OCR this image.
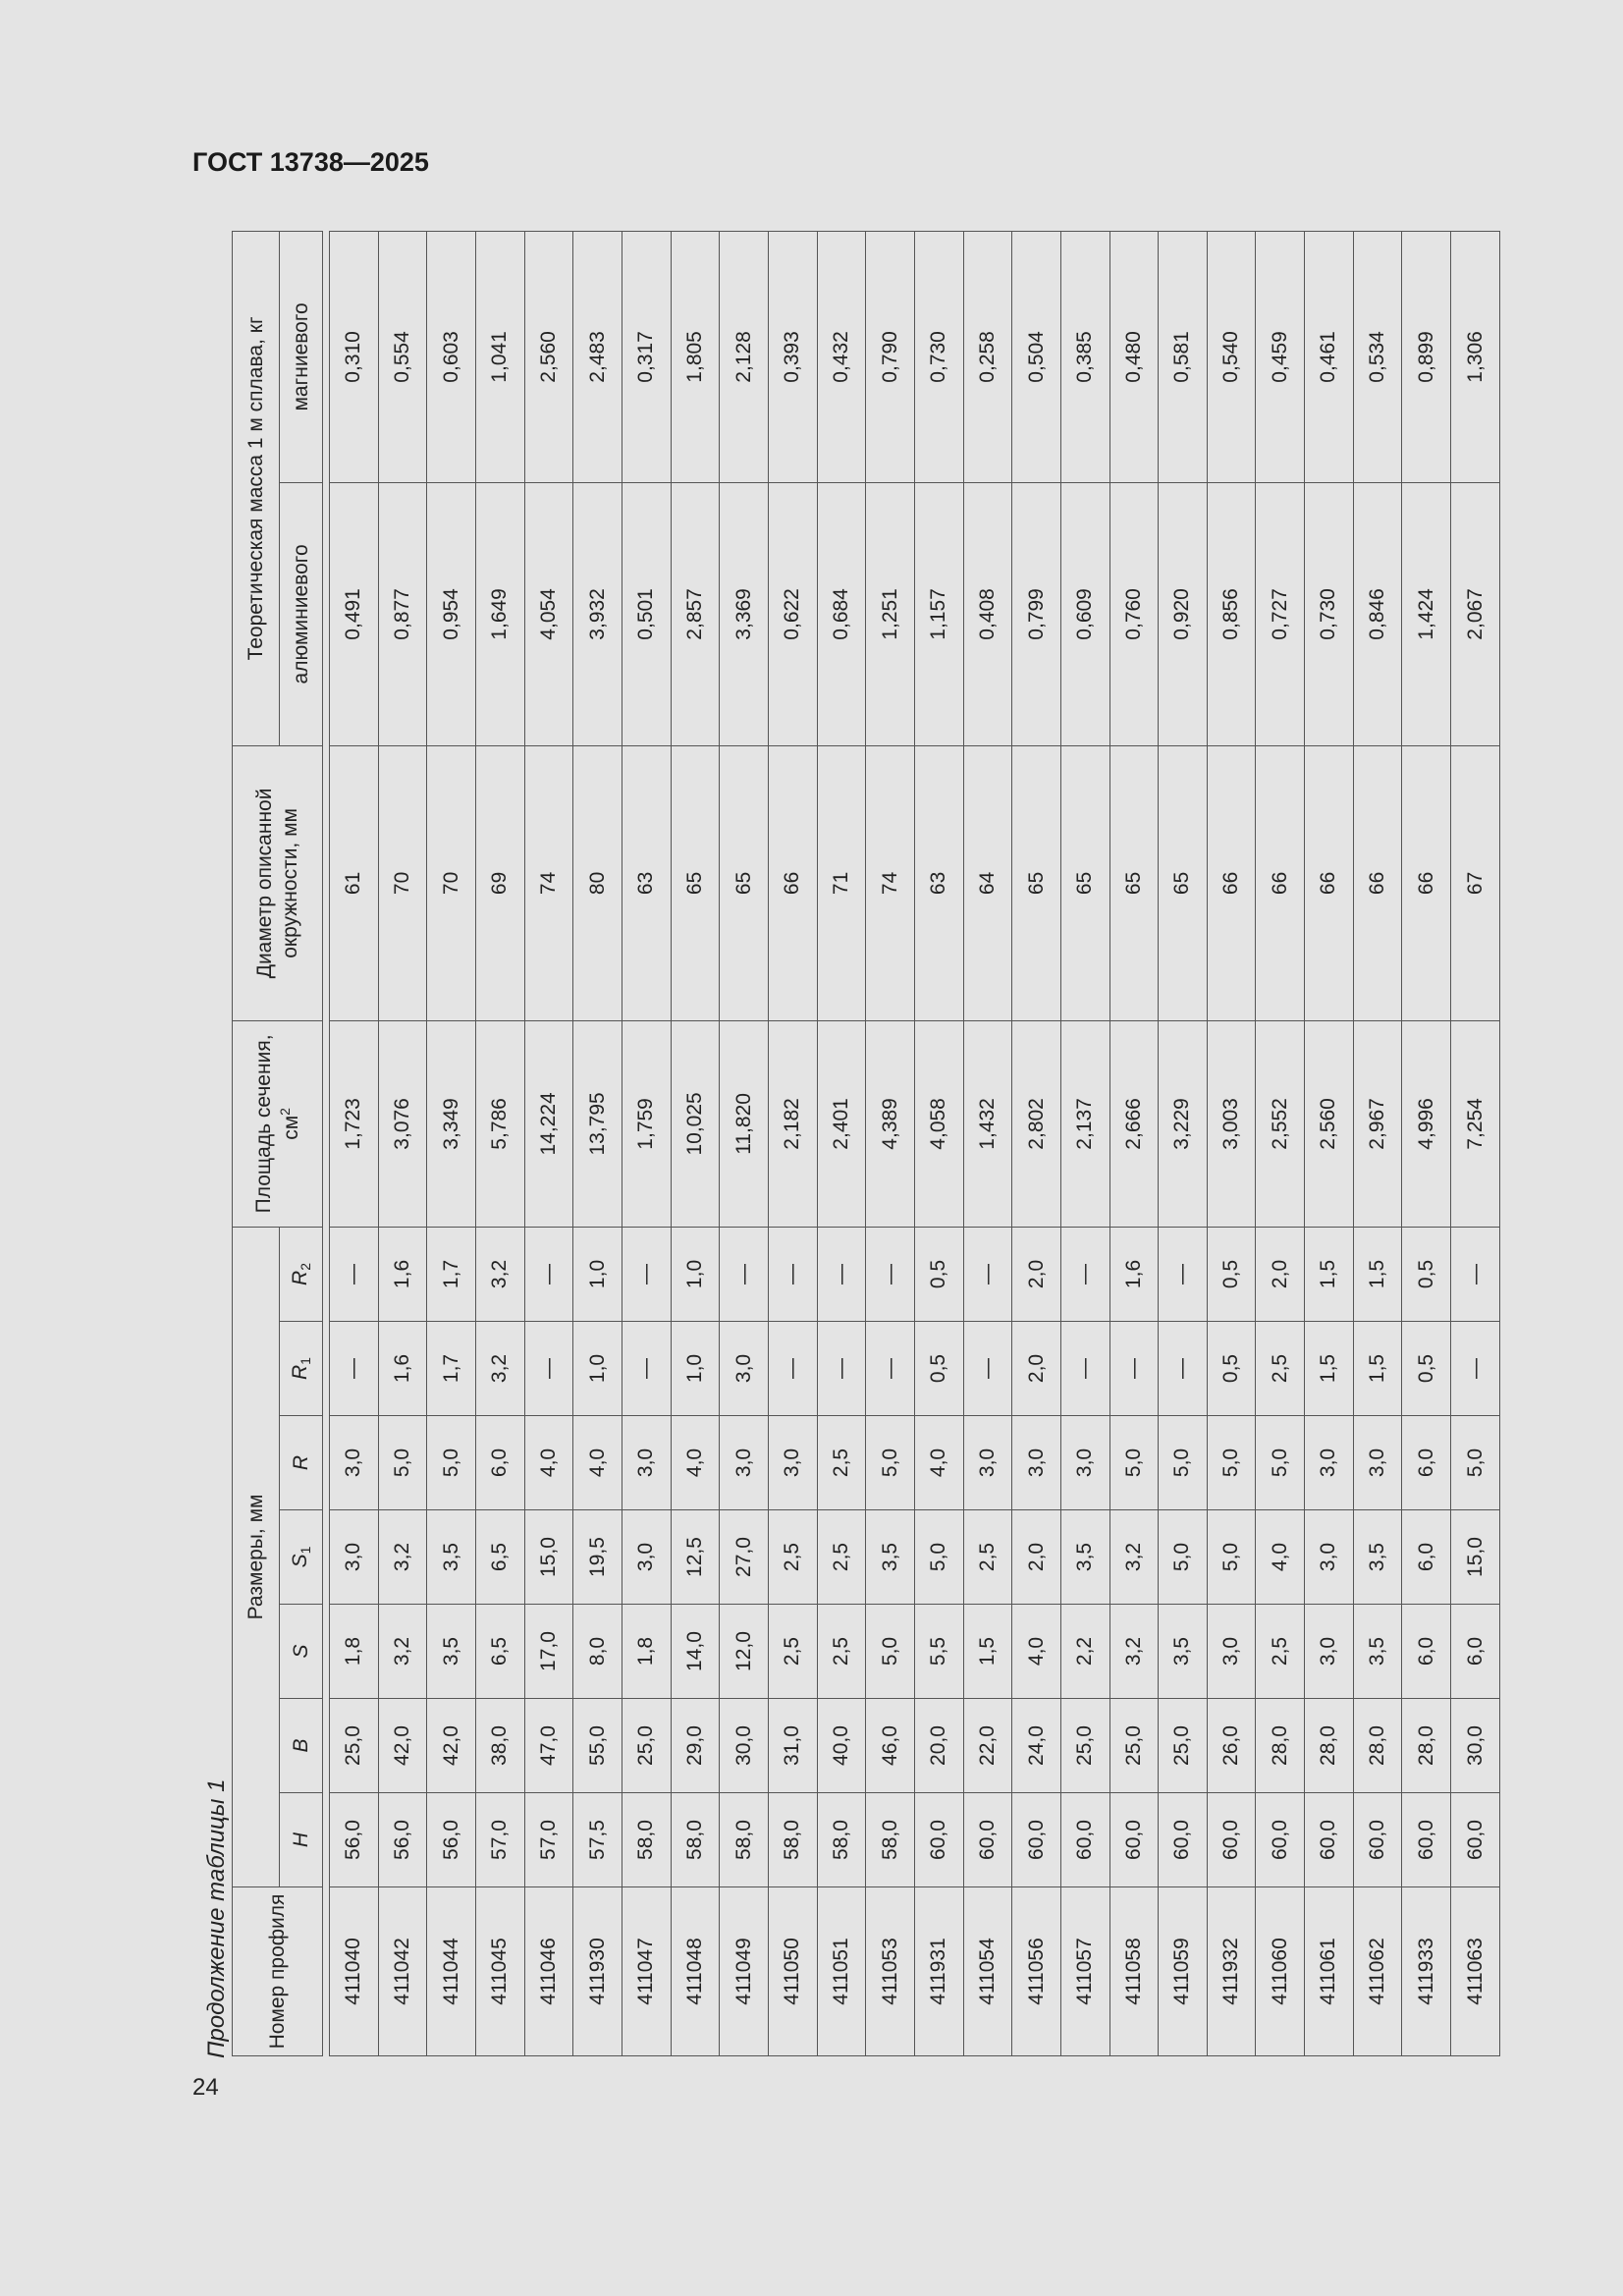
ГОСТ 13738—2025
Продолжение таблицы 1 Номер профиля	Размеры, мм							Площадь сечения, $см^2$	Диаметр описанной окружности, мм	Теоретическая масса 1 м сплава, кг	
	H	B	S	$S_1$	R	$R_1$	$R_2$			алюминиевого	магниевого

411040	56,0	25,0	1,8	3,0	3,0	—	—	1,723	61	0,491	0,310
411042	56,0	42,0	3,2	3,2	5,0	1,6	1,6	3,076	70	0,877	0,554
411044	56,0	42,0	3,5	3,5	5,0	1,7	1,7	3,349	70	0,954	0,603
411045	57,0	38,0	6,5	6,5	6,0	3,2	3,2	5,786	69	1,649	1,041
411046	57,0	47,0	17,0	15,0	4,0	—	—	14,224	74	4,054	2,560
411930	57,5	55,0	8,0	19,5	4,0	1,0	1,0	13,795	80	3,932	2,483
411047	58,0	25,0	1,8	3,0	3,0	—	—	1,759	63	0,501	0,317
411048	58,0	29,0	14,0	12,5	4,0	1,0	1,0	10,025	65	2,857	1,805
411049	58,0	30,0	12,0	27,0	3,0	3,0	—	11,820	65	3,369	2,128
411050	58,0	31,0	2,5	2,5	3,0	—	—	2,182	66	0,622	0,393
411051	58,0	40,0	2,5	2,5	2,5	—	—	2,401	71	0,684	0,432
411053	58,0	46,0	5,0	3,5	5,0	—	—	4,389	74	1,251	0,790
411931	60,0	20,0	5,5	5,0	4,0	0,5	0,5	4,058	63	1,157	0,730
411054	60,0	22,0	1,5	2,5	3,0	—	—	1,432	64	0,408	0,258
411056	60,0	24,0	4,0	2,0	3,0	2,0	2,0	2,802	65	0,799	0,504
411057	60,0	25,0	2,2	3,5	3,0	—	—	2,137	65	0,609	0,385
411058	60,0	25,0	3,2	3,2	5,0	—	1,6	2,666	65	0,760	0,480
411059	60,0	25,0	3,5	5,0	5,0	—	—	3,229	65	0,920	0,581
411932	60,0	26,0	3,0	5,0	5,0	0,5	0,5	3,003	66	0,856	0,540
411060	60,0	28,0	2,5	4,0	5,0	2,5	2,0	2,552	66	0,727	0,459
411061	60,0	28,0	3,0	3,0	3,0	1,5	1,5	2,560	66	0,730	0,461
411062	60,0	28,0	3,5	3,5	3,0	1,5	1,5	2,967	66	0,846	0,534
411933	60,0	28,0	6,0	6,0	6,0	0,5	0,5	4,996	66	1,424	0,899
411063	60,0	30,0	6,0	15,0	5,0	—	—	7,254	67	2,067	1,306
24
